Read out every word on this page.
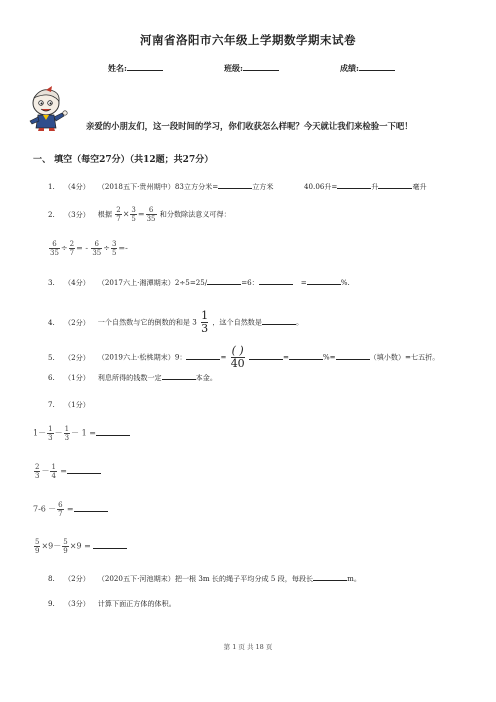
河南省洛阳市六年级上学期数学期末试卷
姓名:	班级:	成绩:
亲爱的小朋友们，这一段时间的学习，你们收获怎么样呢？今天就让我们来检验一下吧！
一、 填空（每空27分）（共12题；共27分）
1. （4分） （2018五下·贵州期中）83立方分米=	立方米	40.06升=	升	毫升
2. （3分） 根据 $\frac{2}{7} \times \frac{3}{5} = \frac{6}{35}$ 和分数除法意义可得：
$\frac{6}{35} \div \frac{2}{7}$ = - $\frac{6}{35} \div \frac{3}{5}$ =-
3. （4分） （2017六上·湘潭期末）2÷5=25/	=6：	=	%.
4. （2分） 一个自然数与它的倒数的和是 $3 \frac{1}{3}$ ，这个自然数是	。
5. （2分） （2019六上·松桃期末）9：	= ( )
40	=	%=	（填小数）=七五折。
6. （1分） 利息所得的钱数一定	本金。
7. （1分）
$1- \frac{1}{3} - \frac{1}{3} - 1$ =
$\frac{2}{3} - \frac{1}{4}$ =
$7-6 - \frac{6}{7}$ =
$\frac{5}{9} \times 9- \frac{5}{9} \times 9$ =
8. （2分） （2020五下·河池期末）把一根 3m 长的绳子平均分成 5 段，每段长	m。
9. （3分） 计算下面正方体的体积。
第 1 页 共 18 页
